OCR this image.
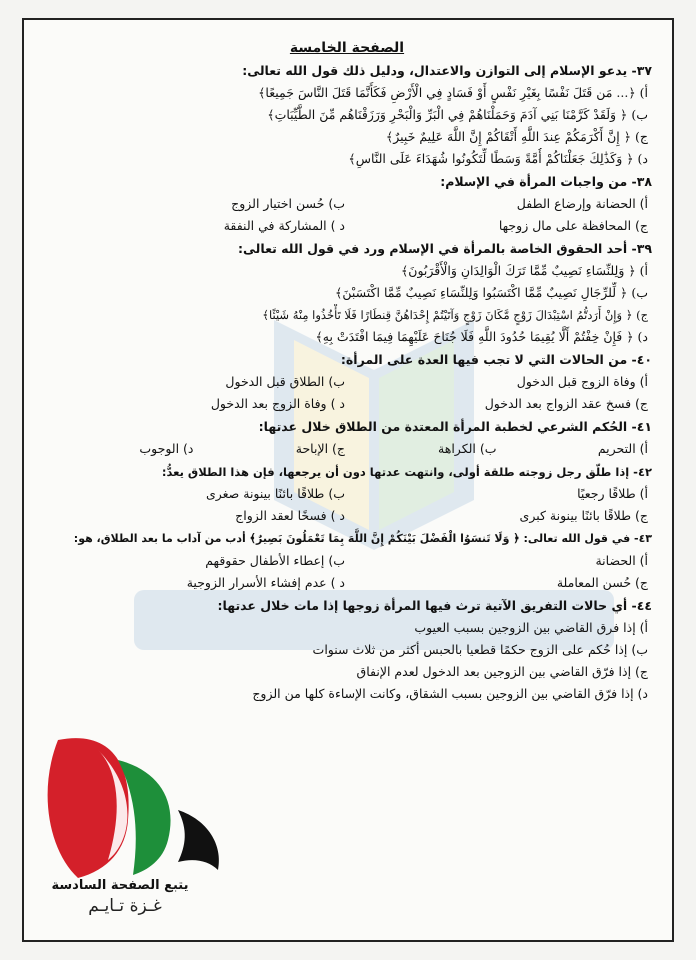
الصفحة الخامسة
٣٧- يدعو الإسلام إلى التوازن والاعتدال، ودليل ذلك قول الله تعالى:
أ) ﴿... مَن قَتَلَ نَفْسًا بِغَيْرِ نَفْسٍ أَوْ فَسَادٍ فِي الْأَرْضِ فَكَأَنَّمَا قَتَلَ النَّاسَ جَمِيعًا﴾
ب) ﴿ وَلَقَدْ كَرَّمْنَا بَنِي آدَمَ وَحَمَلْنَاهُمْ فِي الْبَرِّ وَالْبَحْرِ وَرَزَقْنَاهُم مِّنَ الطَّيِّبَاتِ﴾
ج) ﴿ إِنَّ أَكْرَمَكُمْ عِندَ اللَّهِ أَتْقَاكُمْ إِنَّ اللَّهَ عَلِيمٌ خَبِيرٌ﴾
د) ﴿ وَكَذَٰلِكَ جَعَلْنَاكُمْ أُمَّةً وَسَطًا لِّتَكُونُوا شُهَدَاءَ عَلَى النَّاسِ﴾
٣٨- من واجبات المرأة في الإسلام:
أ) الحضانة وإرضاع الطفل
ب) حُسن اختيار الزوج
ج) المحافظة على مال زوجها
د ) المشاركة في النفقة
٣٩- أحد الحقوق الخاصة بالمرأة في الإسلام ورد في قول الله تعالى:
أ) ﴿ وَلِلنِّسَاءِ نَصِيبٌ مِّمَّا تَرَكَ الْوَالِدَانِ وَالْأَقْرَبُونَ﴾
ب) ﴿ لِّلرِّجَالِ نَصِيبٌ مِّمَّا اكْتَسَبُوا وَلِلنِّسَاءِ نَصِيبٌ مِّمَّا اكْتَسَبْنَ﴾
ج) ﴿ وَإِنْ أَرَدتُّمُ اسْتِبْدَالَ زَوْجٍ مَّكَانَ زَوْجٍ وَآتَيْتُمْ إِحْدَاهُنَّ قِنطَارًا فَلَا تَأْخُذُوا مِنْهُ شَيْئًا﴾
د) ﴿ فَإِنْ خِفْتُمْ أَلَّا يُقِيمَا حُدُودَ اللَّهِ فَلَا جُنَاحَ عَلَيْهِمَا فِيمَا افْتَدَتْ بِهِ﴾
٤٠- من الحالات التي لا تجب فيها العدة على المرأة:
أ) وفاة الزوج قبل الدخول
ب) الطلاق قبل الدخول
ج) فسخ عقد الزواج بعد الدخول
د ) وفاة الزوج بعد الدخول
٤١- الحُكم الشرعي لخطبة المرأة المعتدة من الطلاق خلال عدتها:
أ) التحريم
ب) الكراهة
ج) الإباحة
د) الوجوب
٤٢- إذا طلّق رجل زوجته طلقة أولى، وانتهت عدتها دون أن يرجعها، فإن هذا الطلاق يعدُّ:
أ) طلاقًا رجعيًا
ب) طلاقًا بائنًا بينونة صغرى
ج) طلاقًا بائنًا بينونة كبرى
د ) فسخًا لعقد الزواج
٤٣- في قول الله تعالى: ﴿ وَلَا تَنسَوُا الْفَضْلَ بَيْنَكُمْ إِنَّ اللَّهَ بِمَا تَعْمَلُونَ بَصِيرٌ﴾ أدب من آداب ما بعد الطلاق، هو:
أ) الحضانة
ب) إعطاء الأطفال حقوقهم
ج) حُسن المعاملة
د ) عدم إفشاء الأسرار الزوجية
٤٤- أي حالات التفريق الآتية ترث فيها المرأة زوجها إذا مات خلال عدتها:
أ) إذا فرق القاضي بين الزوجين بسبب العيوب
ب) إذا حُكم على الزوج حكمًا قطعيا بالحبس أكثر من ثلاث سنوات
ج) إذا فرّق القاضي بين الزوجين بعد الدخول لعدم الإنفاق
د) إذا فرّق القاضي بين الزوجين بسبب الشقاق، وكانت الإساءة كلها من الزوج
يتبع الصفحة السادسة
غـزة تـايـم
